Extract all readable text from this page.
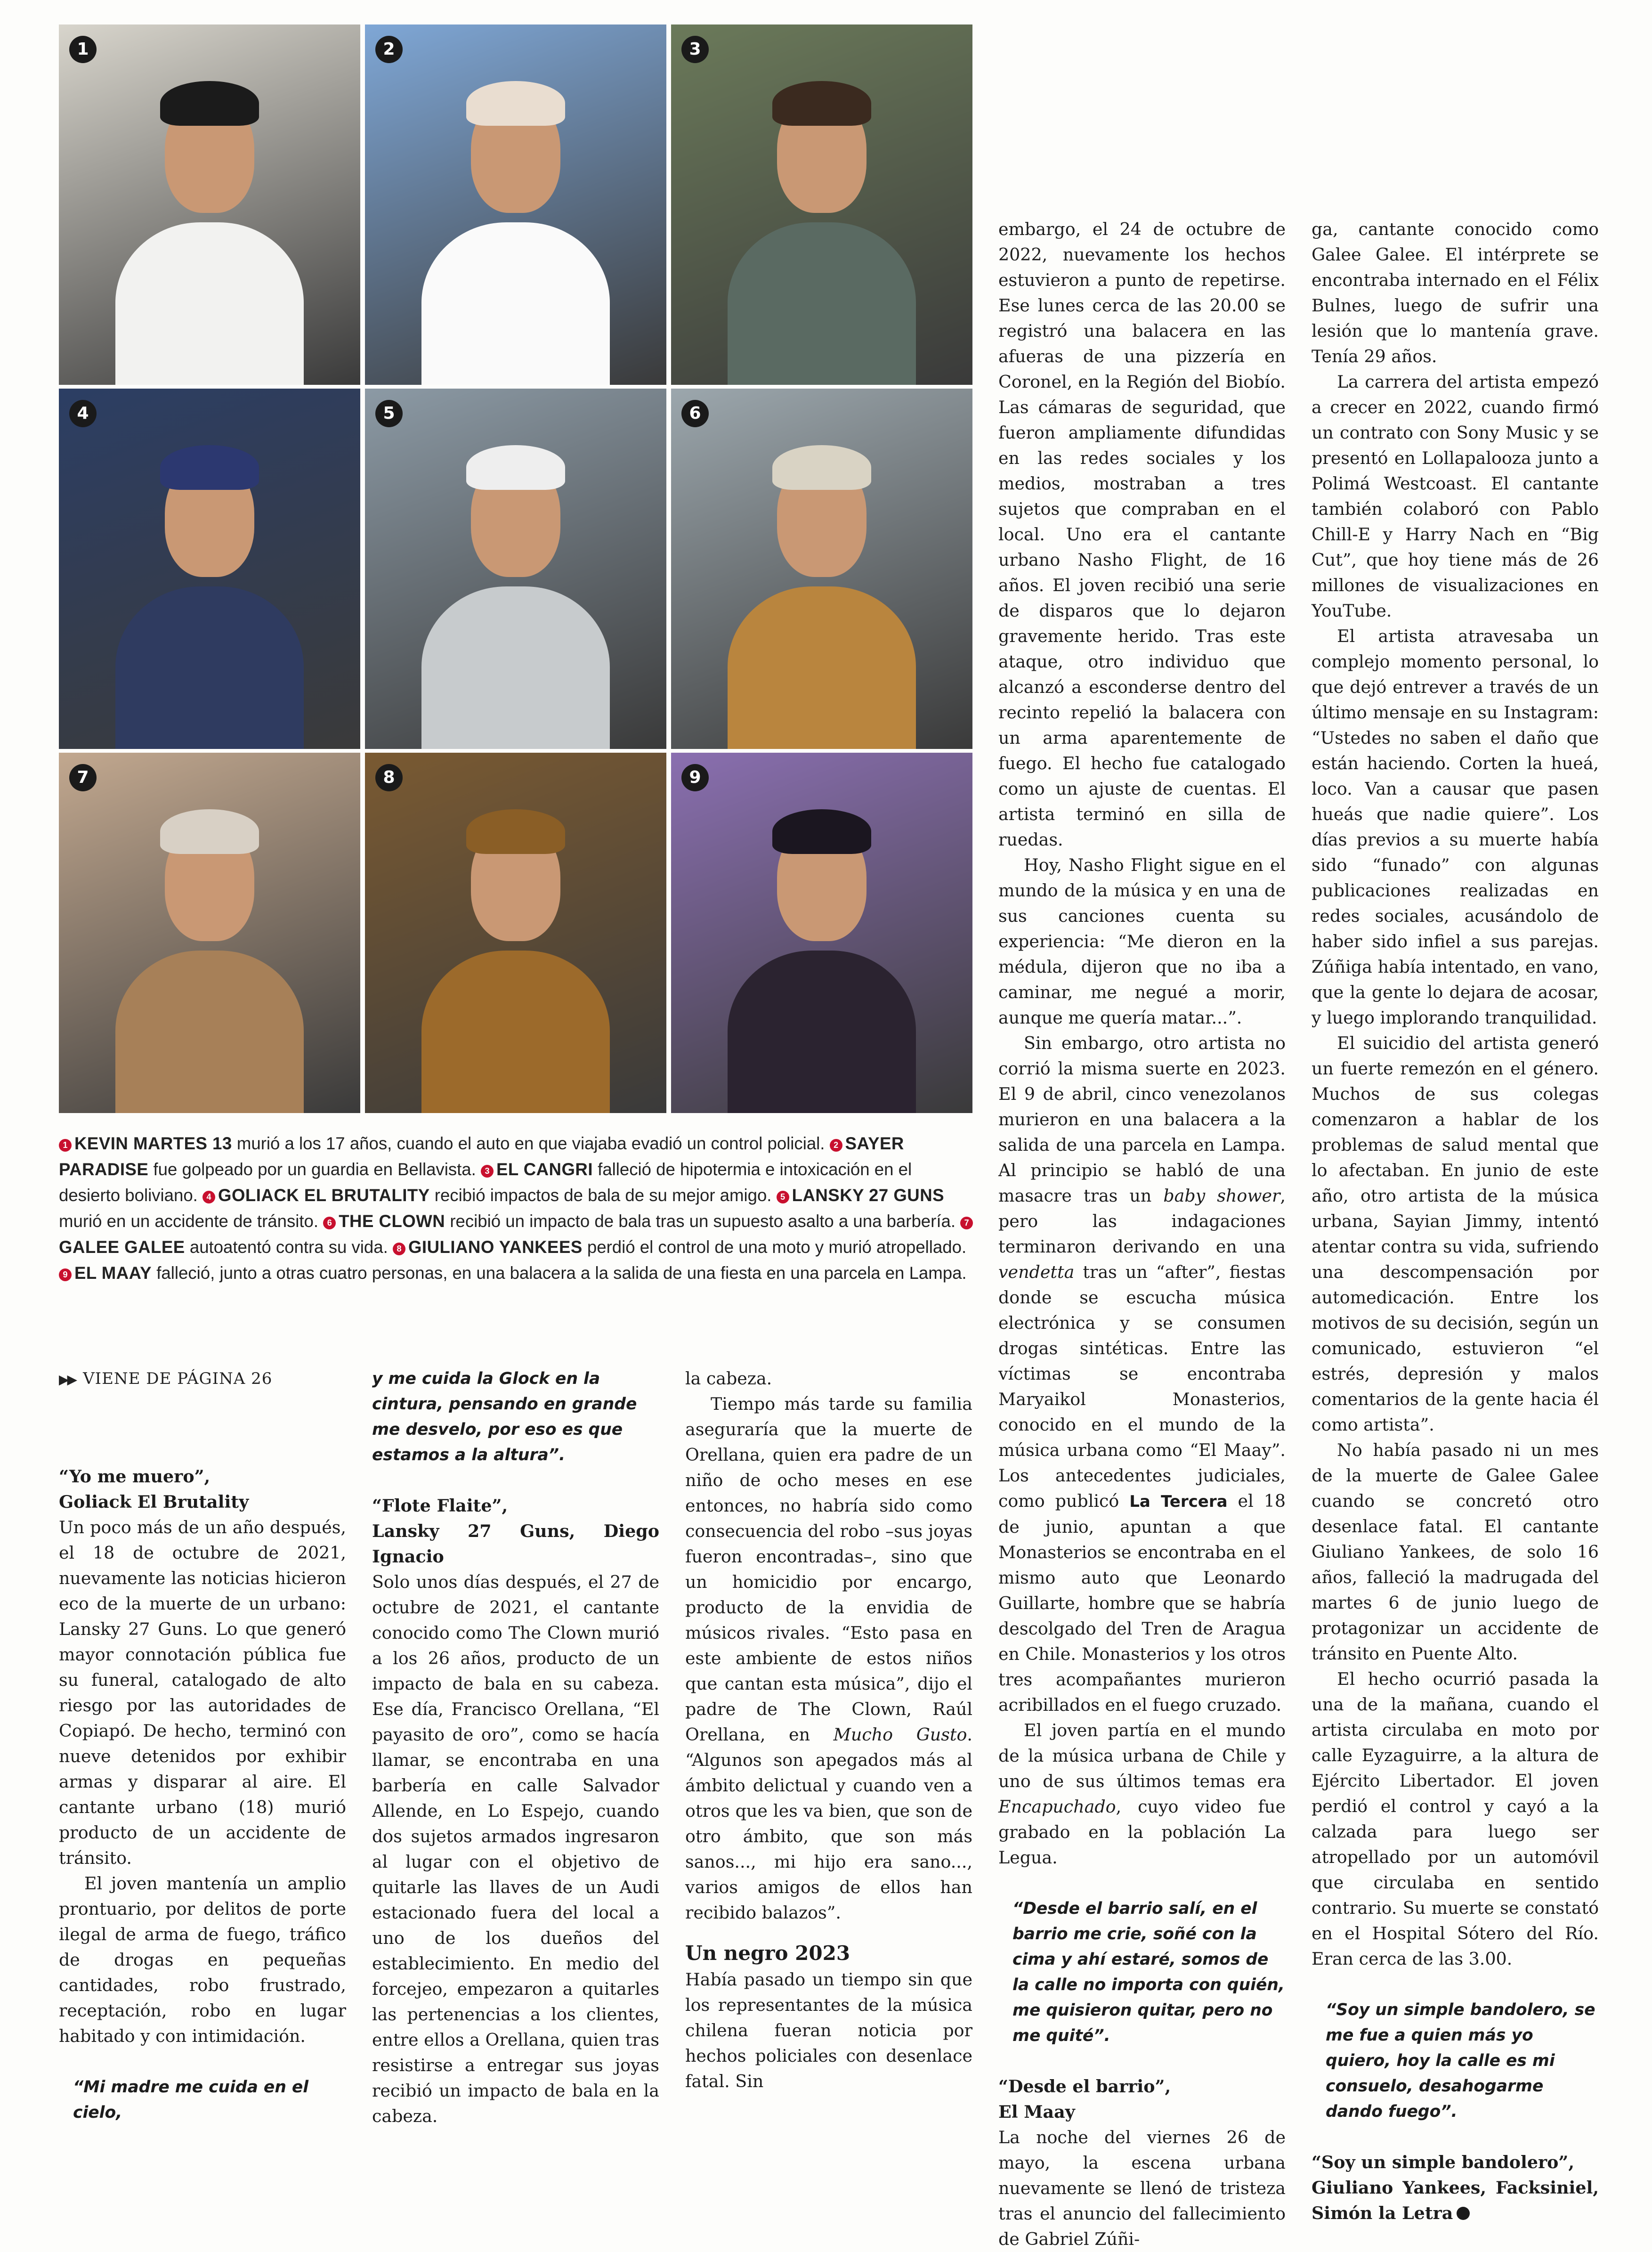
1	2	3
4	5	6
7	8	9
1 KEVIN MARTES 13 murió a los 17 años, cuando el auto en que viajaba evadió un control policial. 2 SAYER PARADISE fue golpeado por un guardia en Bellavista. 3 EL CANGRI falleció de hipotermia e intoxicación en el desierto boliviano. 4 GOLIACK EL BRUTALITY recibió impactos de bala de su mejor amigo. 5 LANSKY 27 GUNS murió en un accidente de tránsito. 6 THE CLOWN recibió un impacto de bala tras un supuesto asalto a una barbería. 7GALEE GALEE autoatentó contra su vida. 8 GIULIANO YANKEES perdió el control de una moto y murió atropellado. 9 EL MAAY falleció, junto a otras cuatro personas, en una balacera a la salida de una fiesta en una parcela en Lampa.
▶▶ VIENE DE PÁGINA 26

“Yo me muero”,

Goliack El Brutality

Un poco más de un año después, el 18 de octubre de 2021, nuevamente las noticias hicieron eco de la muerte de un urbano: Lansky 27 Guns. Lo que generó mayor connotación pública fue su funeral, catalogado de alto riesgo por las autoridades de Copiapó. De hecho, terminó con nueve detenidos por exhibir armas y disparar al aire. El cantante urbano (18) murió producto de un accidente de tránsito.

El joven mantenía un amplio prontuario, por delitos de porte ilegal de arma de fuego, tráfico de drogas en pequeñas cantidades, robo frustrado, receptación, robo en lugar habitado y con intimidación.

“Mi madre me cuida en el cielo,
y me cuida la Glock en la cintura, pensando en grande me desvelo, por eso es que estamos a la altura”.

“Flote Flaite”,

Lansky 27 Guns, Diego Ignacio

Solo unos días después, el 27 de octubre de 2021, el cantante conocido como The Clown murió a los 26 años, producto de un impacto de bala en su cabeza. Ese día, Francisco Orellana, “El payasito de oro”, como se hacía llamar, se encontraba en una barbería en calle Salvador Allende, en Lo Espejo, cuando dos sujetos armados ingresaron al lugar con el objetivo de quitarle las llaves de un Audi estacionado fuera del local a uno de los dueños del establecimiento. En medio del forcejeo, empezaron a quitarles las pertenencias a los clientes, entre ellos a Orellana, quien tras resistirse a entregar sus joyas recibió un impacto de bala en la cabeza.

la cabeza.

Tiempo más tarde su familia aseguraría que la muerte de Orellana, quien era padre de un niño de ocho meses en ese entonces, no habría sido como consecuencia del robo –sus joyas fueron encontradas–, sino que un homicidio por encargo, producto de la envidia de músicos rivales. “Esto pasa en este ambiente de estos niños que cantan esta música”, dijo el padre de The Clown, Raúl Orellana, en Mucho Gusto. “Algunos son apegados más al ámbito delictual y cuando ven a otros que les va bien, que son de otro ámbito, que son más sanos..., mi hijo era sano..., varios amigos de ellos han recibido balazos”.

Un negro 2023

Había pasado un tiempo sin que los representantes de la música chilena fueran noticia por hechos policiales con desenlace fatal. Sin

embargo, el 24 de octubre de 2022, nuevamente los hechos estuvieron a punto de repetirse. Ese lunes cerca de las 20.00 se registró una balacera en las afueras de una pizzería en Coronel, en la Región del Biobío. Las cámaras de seguridad, que fueron ampliamente difundidas en las redes sociales y los medios, mostraban a tres sujetos que compraban en el local. Uno era el cantante urbano Nasho Flight, de 16 años. El joven recibió una serie de disparos que lo dejaron gravemente herido. Tras este ataque, otro individuo que alcanzó a esconderse dentro del recinto repelió la balacera con un arma aparentemente de fuego. El hecho fue catalogado como un ajuste de cuentas. El artista terminó en silla de ruedas.

Hoy, Nasho Flight sigue en el mundo de la música y en una de sus canciones cuenta su experiencia: “Me dieron en la médula, dijeron que no iba a caminar, me negué a morir, aunque me quería matar...”.

Sin embargo, otro artista no corrió la misma suerte en 2023. El 9 de abril, cinco venezolanos murieron en una balacera a la salida de una parcela en Lampa. Al principio se habló de una masacre tras un baby shower, pero las indagaciones terminaron derivando en una vendetta tras un “after”, fiestas donde se escucha música electrónica y se consumen drogas sintéticas. Entre las víctimas se encontraba Maryaikol Monasterios, conocido en el mundo de la música urbana como “El Maay”. Los antecedentes judiciales, como publicó La Tercera el 18 de junio, apuntan a que Monasterios se encontraba en el mismo auto que Leonardo Guillarte, hombre que se habría descolgado del Tren de Aragua en Chile. Monasterios y los otros tres acompañantes murieron acribillados en el fuego cruzado.

El joven partía en el mundo de la música urbana de Chile y uno de sus últimos temas era Encapuchado, cuyo video fue grabado en la población La Legua.

“Desde el barrio salí, en el barrio me crie, soñé con la cima y ahí estaré, somos de la calle no importa con quién, me quisieron quitar, pero no me quité”.

“Desde el barrio”,

El Maay

La noche del viernes 26 de mayo, la escena urbana nuevamente se llenó de tristeza tras el anuncio del fallecimiento de Gabriel Zúñi-

ga, cantante conocido como Galee Galee. El intérprete se encontraba internado en el Félix Bulnes, luego de sufrir una lesión que lo mantenía grave. Tenía 29 años.

La carrera del artista empezó a crecer en 2022, cuando firmó un contrato con Sony Music y se presentó en Lollapalooza junto a Polimá Westcoast. El cantante también colaboró con Pablo Chill-E y Harry Nach en “Big Cut”, que hoy tiene más de 26 millones de visualizaciones en YouTube.

El artista atravesaba un complejo momento personal, lo que dejó entrever a través de un último mensaje en su Instagram: “Ustedes no saben el daño que están haciendo. Corten la hueá, loco. Van a causar que pasen hueás que nadie quiere”. Los días previos a su muerte había sido “funado” con algunas publicaciones realizadas en redes sociales, acusándolo de haber sido infiel a sus parejas. Zúñiga había intentado, en vano, que la gente lo dejara de acosar, y luego implorando tranquilidad.

El suicidio del artista generó un fuerte remezón en el género. Muchos de sus colegas comenzaron a hablar de los problemas de salud mental que lo afectaban. En junio de este año, otro artista de la música urbana, Sayian Jimmy, intentó atentar contra su vida, sufriendo una descompensación por automedicación. Entre los motivos de su decisión, según un comunicado, estuvieron “el estrés, depresión y malos comentarios de la gente hacia él como artista”.

No había pasado ni un mes de la muerte de Galee Galee cuando se concretó otro desenlace fatal. El cantante Giuliano Yankees, de solo 16 años, falleció la madrugada del martes 6 de junio luego de protagonizar un accidente de tránsito en Puente Alto.

El hecho ocurrió pasada la una de la mañana, cuando el artista circulaba en moto por calle Eyzaguirre, a la altura de Ejército Libertador. El joven perdió el control y cayó a la calzada para luego ser atropellado por un automóvil que circulaba en sentido contrario. Su muerte se constató en el Hospital Sótero del Río. Eran cerca de las 3.00.

“Soy un simple bandolero, se me fue a quien más yo quiero, hoy la calle es mi consuelo, desahogarme dando fuego”.

“Soy un simple bandolero”,

Giuliano Yankees, Facksiniel, Simón la Letra
